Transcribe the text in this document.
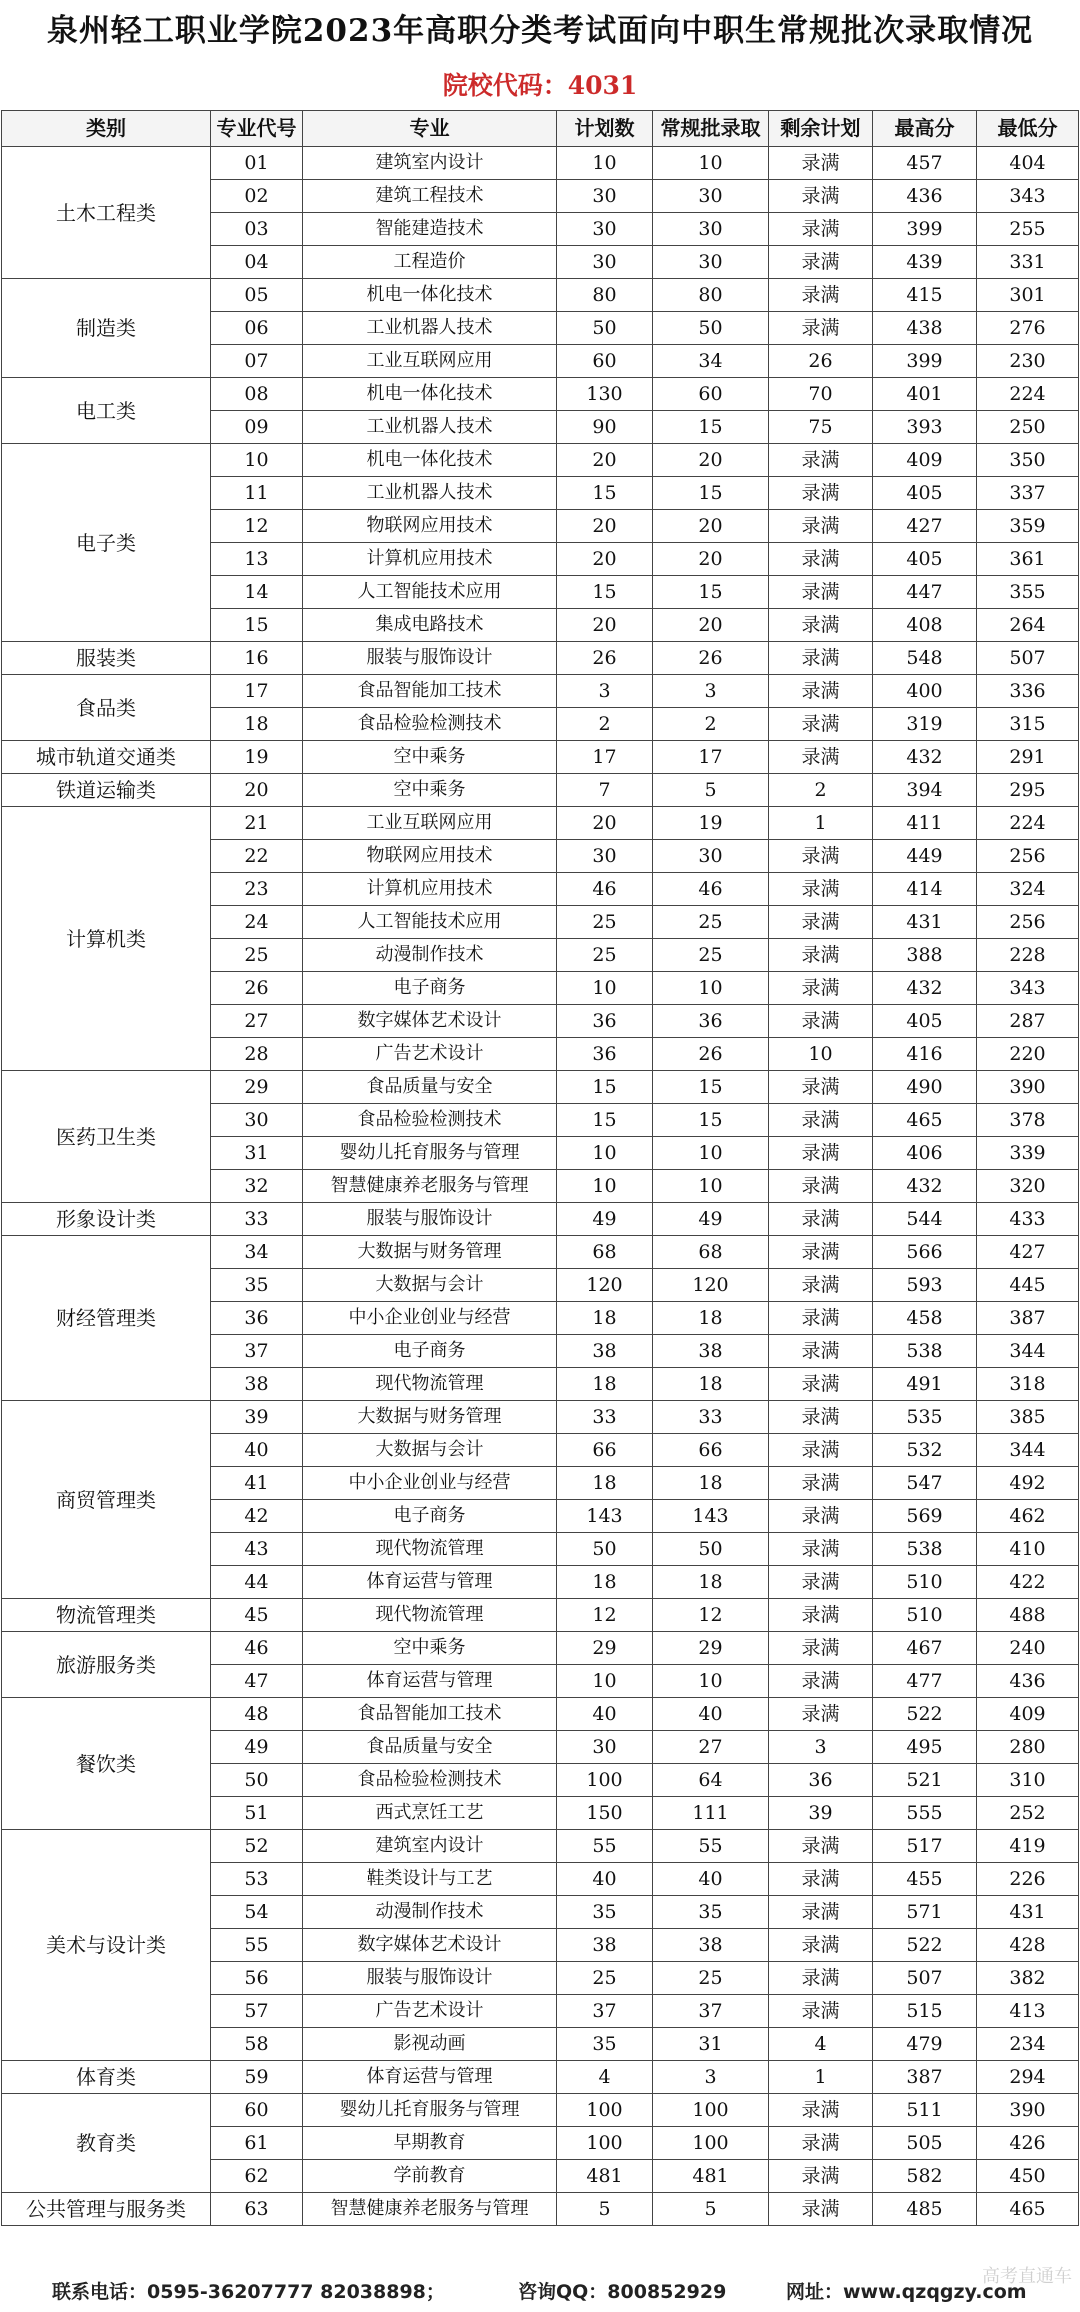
泉州轻工职业学院2023年高职分类考试面向中职生常规批次录取情况
院校代码：4031
类别	专业代号	专业	计划数	常规批录取	剩余计划	最高分	最低分
土木工程类	01	建筑室内设计	10	10	录满	457	404
	02	建筑工程技术	30	30	录满	436	343
	03	智能建造技术	30	30	录满	399	255
	04	工程造价	30	30	录满	439	331
制造类	05	机电一体化技术	80	80	录满	415	301
	06	工业机器人技术	50	50	录满	438	276
	07	工业互联网应用	60	34	26	399	230
电工类	08	机电一体化技术	130	60	70	401	224
	09	工业机器人技术	90	15	75	393	250
电子类	10	机电一体化技术	20	20	录满	409	350
	11	工业机器人技术	15	15	录满	405	337
	12	物联网应用技术	20	20	录满	427	359
	13	计算机应用技术	20	20	录满	405	361
	14	人工智能技术应用	15	15	录满	447	355
	15	集成电路技术	20	20	录满	408	264
服装类	16	服装与服饰设计	26	26	录满	548	507
食品类	17	食品智能加工技术	3	3	录满	400	336
	18	食品检验检测技术	2	2	录满	319	315
城市轨道交通类	19	空中乘务	17	17	录满	432	291
铁道运输类	20	空中乘务	7	5	2	394	295
计算机类	21	工业互联网应用	20	19	1	411	224
	22	物联网应用技术	30	30	录满	449	256
	23	计算机应用技术	46	46	录满	414	324
	24	人工智能技术应用	25	25	录满	431	256
	25	动漫制作技术	25	25	录满	388	228
	26	电子商务	10	10	录满	432	343
	27	数字媒体艺术设计	36	36	录满	405	287
	28	广告艺术设计	36	26	10	416	220
医药卫生类	29	食品质量与安全	15	15	录满	490	390
	30	食品检验检测技术	15	15	录满	465	378
	31	婴幼儿托育服务与管理	10	10	录满	406	339
	32	智慧健康养老服务与管理	10	10	录满	432	320
形象设计类	33	服装与服饰设计	49	49	录满	544	433
财经管理类	34	大数据与财务管理	68	68	录满	566	427
	35	大数据与会计	120	120	录满	593	445
	36	中小企业创业与经营	18	18	录满	458	387
	37	电子商务	38	38	录满	538	344
	38	现代物流管理	18	18	录满	491	318
商贸管理类	39	大数据与财务管理	33	33	录满	535	385
	40	大数据与会计	66	66	录满	532	344
	41	中小企业创业与经营	18	18	录满	547	492
	42	电子商务	143	143	录满	569	462
	43	现代物流管理	50	50	录满	538	410
	44	体育运营与管理	18	18	录满	510	422
物流管理类	45	现代物流管理	12	12	录满	510	488
旅游服务类	46	空中乘务	29	29	录满	467	240
	47	体育运营与管理	10	10	录满	477	436
餐饮类	48	食品智能加工技术	40	40	录满	522	409
	49	食品质量与安全	30	27	3	495	280
	50	食品检验检测技术	100	64	36	521	310
	51	西式烹饪工艺	150	111	39	555	252
美术与设计类	52	建筑室内设计	55	55	录满	517	419
	53	鞋类设计与工艺	40	40	录满	455	226
	54	动漫制作技术	35	35	录满	571	431
	55	数字媒体艺术设计	38	38	录满	522	428
	56	服装与服饰设计	25	25	录满	507	382
	57	广告艺术设计	37	37	录满	515	413
	58	影视动画	35	31	4	479	234
体育类	59	体育运营与管理	4	3	1	387	294
教育类	60	婴幼儿托育服务与管理	100	100	录满	511	390
	61	早期教育	100	100	录满	505	426
	62	学前教育	481	481	录满	582	450
公共管理与服务类	63	智慧健康养老服务与管理	5	5	录满	485	465
联系电话：0595-36207777 82038898；	咨询QQ：800852929	网址：www.qzqgzy.com
高考直通车
